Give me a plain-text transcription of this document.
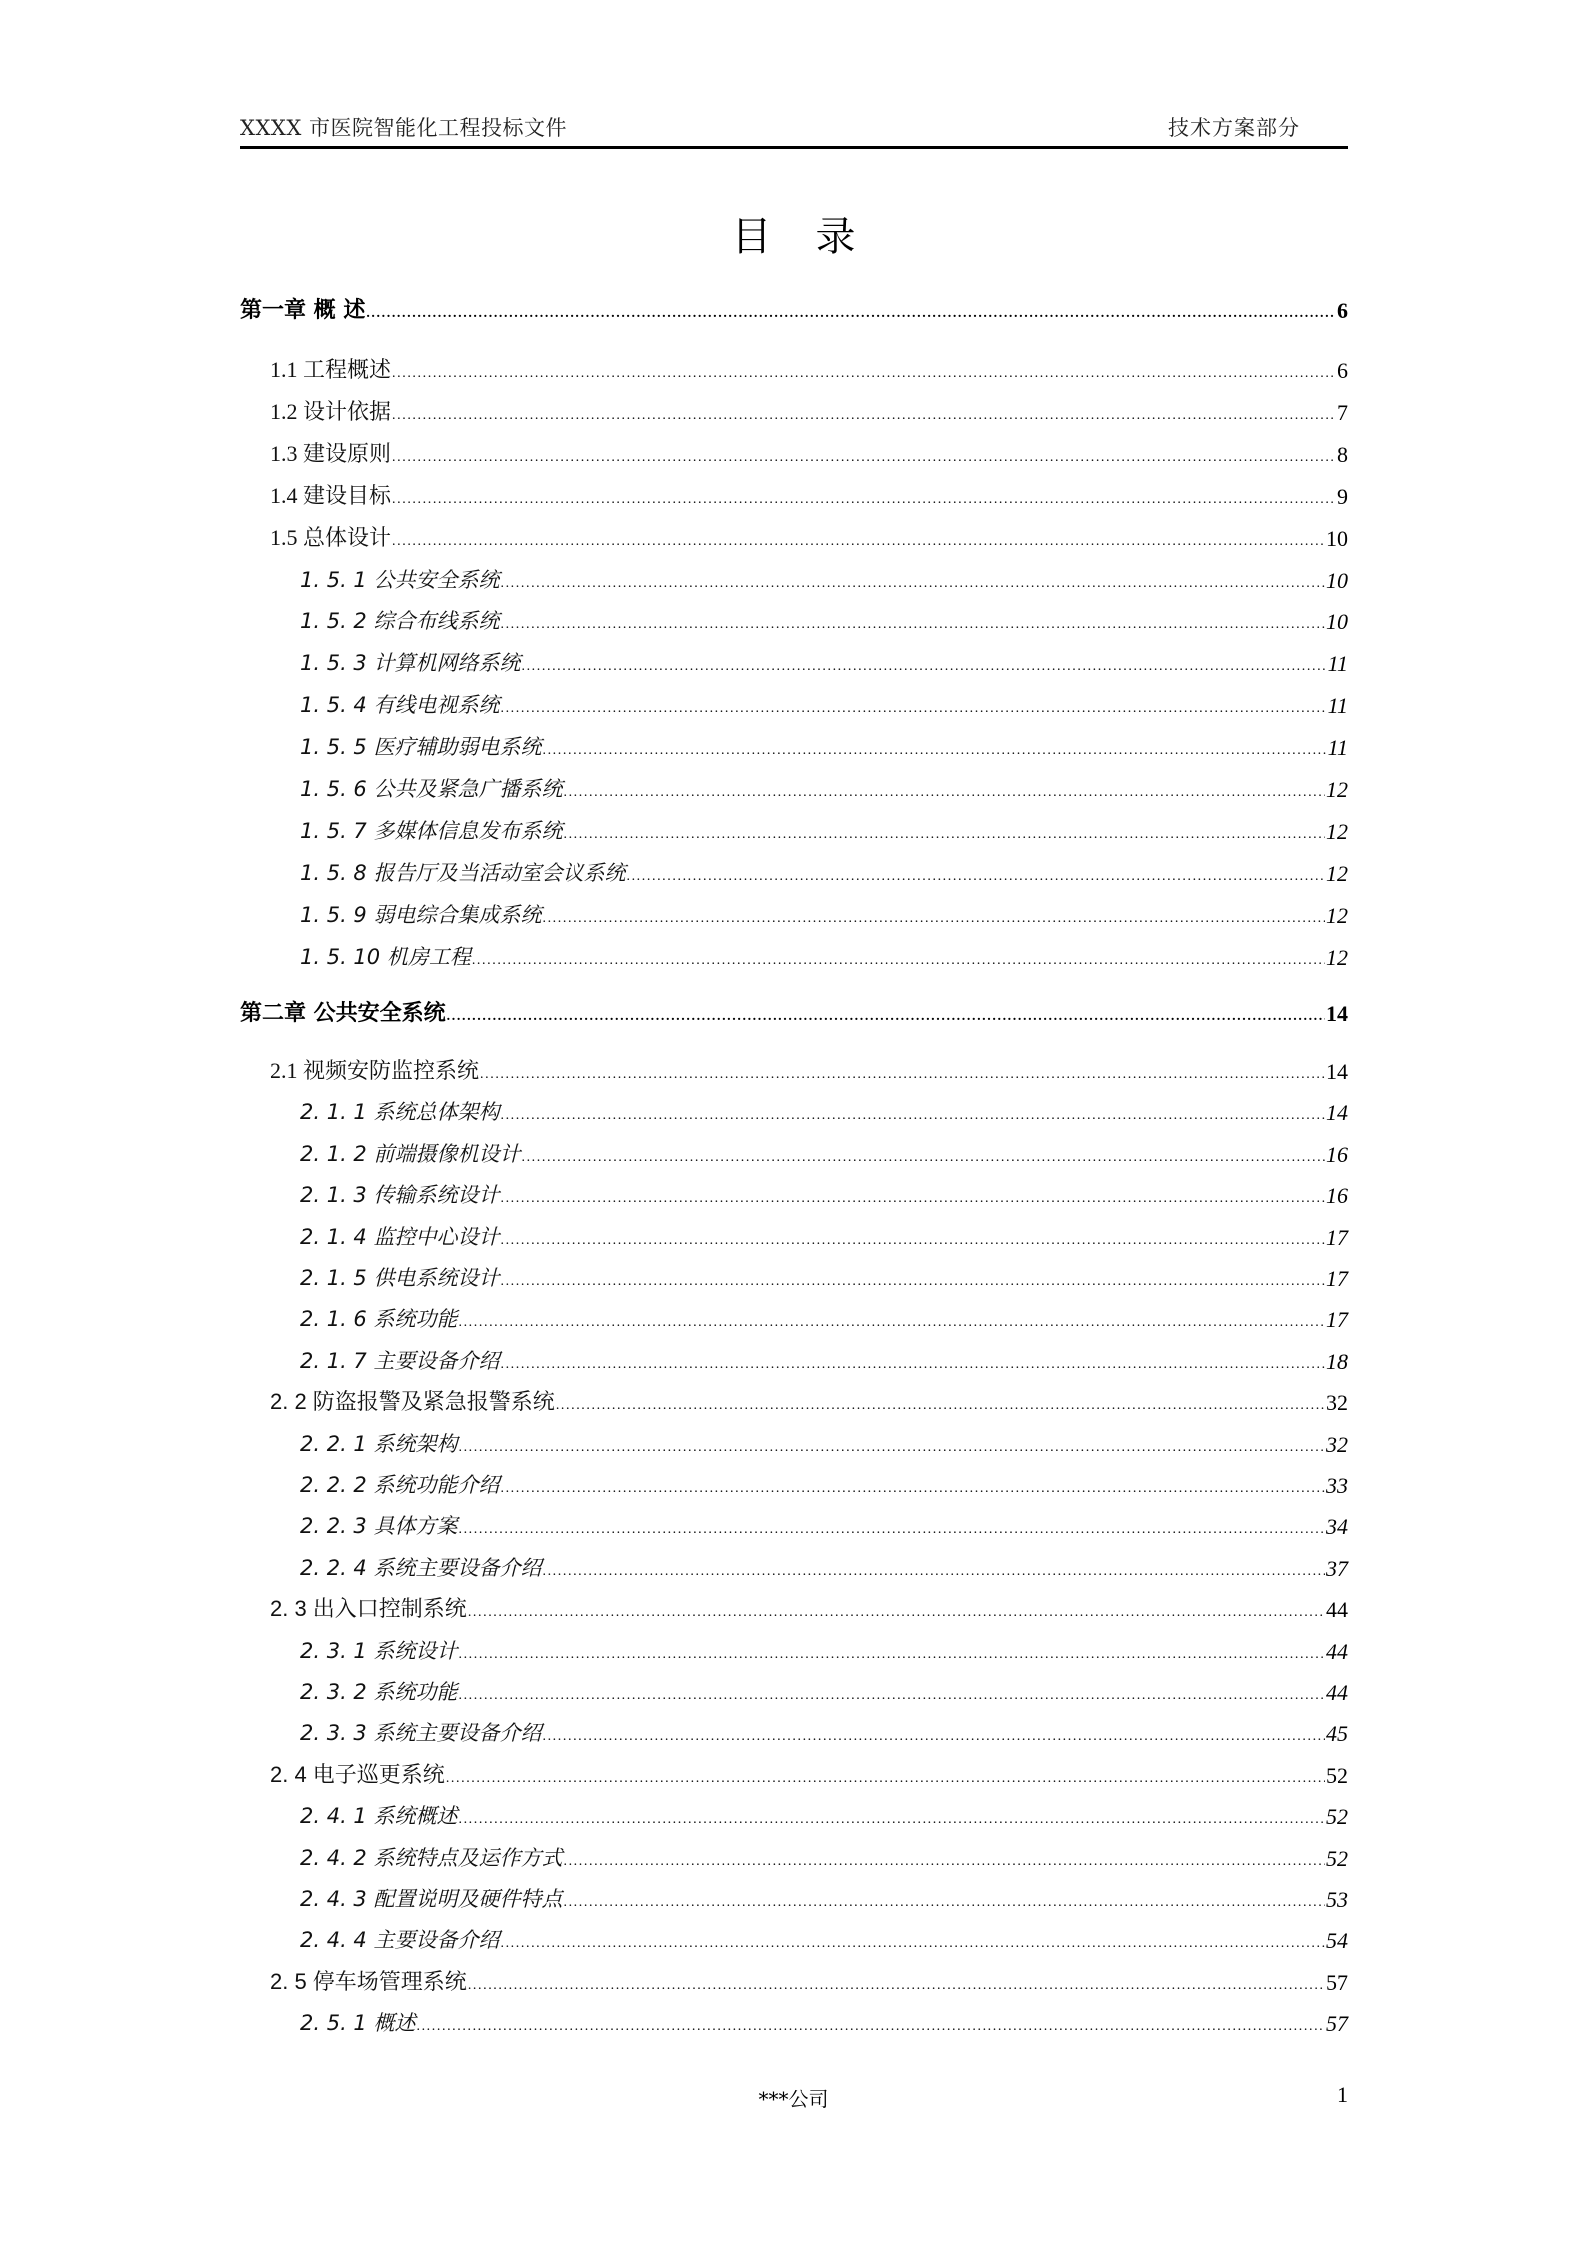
XXXX 市医院智能化工程投标文件	技术方案部分
目 录
第一章 概 述 .....	6
1.1 工程概述 .....	6
1.2 设计依据 .....	7
1.3 建设原则 .....	8
1.4 建设目标 .....	9
1.5 总体设计 .....	10
1. 5. 1 公共安全系统 .....	10
1. 5. 2 综合布线系统 .....	10
1. 5. 3 计算机网络系统 .....	11
1. 5. 4 有线电视系统 .....	11
1. 5. 5 医疗辅助弱电系统 .....	11
1. 5. 6 公共及紧急广播系统 .....	12
1. 5. 7 多媒体信息发布系统 .....	12
1. 5. 8 报告厅及当活动室会议系统 .....	12
1. 5. 9 弱电综合集成系统 .....	12
1. 5. 10 机房工程 .....	12
第二章 公共安全系统 .....	14
2.1 视频安防监控系统 .....	14
2. 1. 1 系统总体架构 .....	14
2. 1. 2 前端摄像机设计 .....	16
2. 1. 3 传输系统设计 .....	16
2. 1. 4 监控中心设计 .....	17
2. 1. 5 供电系统设计 .....	17
2. 1. 6 系统功能 .....	17
2. 1. 7 主要设备介绍 .....	18
2. 2 防盗报警及紧急报警系统 .....	32
2. 2. 1 系统架构 .....	32
2. 2. 2 系统功能介绍 .....	33
2. 2. 3 具体方案 .....	34
2. 2. 4 系统主要设备介绍 .....	37
2. 3 出入口控制系统 .....	44
2. 3. 1 系统设计 .....	44
2. 3. 2 系统功能 .....	44
2. 3. 3 系统主要设备介绍 .....	45
2. 4 电子巡更系统 .....	52
2. 4. 1 系统概述 .....	52
2. 4. 2 系统特点及运作方式 .....	52
2. 4. 3 配置说明及硬件特点 .....	53
2. 4. 4 主要设备介绍 .....	54
2. 5 停车场管理系统 .....	57
2. 5. 1 概述 .....	57
***公司	1
